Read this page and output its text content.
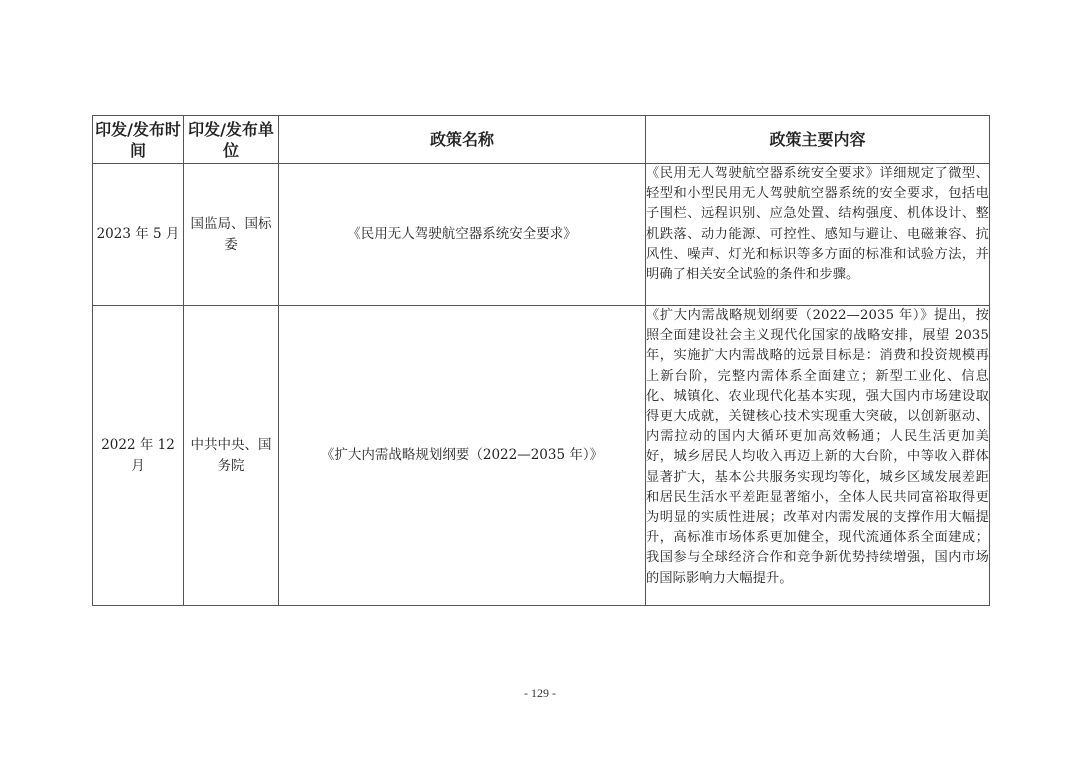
印发/发布时间	印发/发布单位	政策名称	政策主要内容
2023 年 5 月	国监局、国标委	《民用无人驾驶航空器系统安全要求》	《民用无人驾驶航空器系统安全要求》详细规定了微型、轻型和小型民用无人驾驶航空器系统的安全要求，包括电子围栏、远程识别、应急处置、结构强度、机体设计、整机跌落、动力能源、可控性、感知与避让、电磁兼容、抗风性、噪声、灯光和标识等多方面的标准和试验方法，并明确了相关安全试验的条件和步骤。
2022 年 12 月	中共中央、国务院	《扩大内需战略规划纲要（2022—2035 年）》	《扩大内需战略规划纲要（2022—2035 年）》提出，按照全面建设社会主义现代化国家的战略安排，展望 2035 年，实施扩大内需战略的远景目标是：消费和投资规模再上新台阶，完整内需体系全面建立；新型工业化、信息化、城镇化、农业现代化基本实现，强大国内市场建设取得更大成就，关键核心技术实现重大突破，以创新驱动、内需拉动的国内大循环更加高效畅通；人民生活更加美好，城乡居民人均收入再迈上新的大台阶，中等收入群体显著扩大，基本公共服务实现均等化，城乡区域发展差距和居民生活水平差距显著缩小，全体人民共同富裕取得更为明显的实质性进展；改革对内需发展的支撑作用大幅提升，高标准市场体系更加健全，现代流通体系全面建成；我国参与全球经济合作和竞争新优势持续增强，国内市场的国际影响力大幅提升。
- 129 -
